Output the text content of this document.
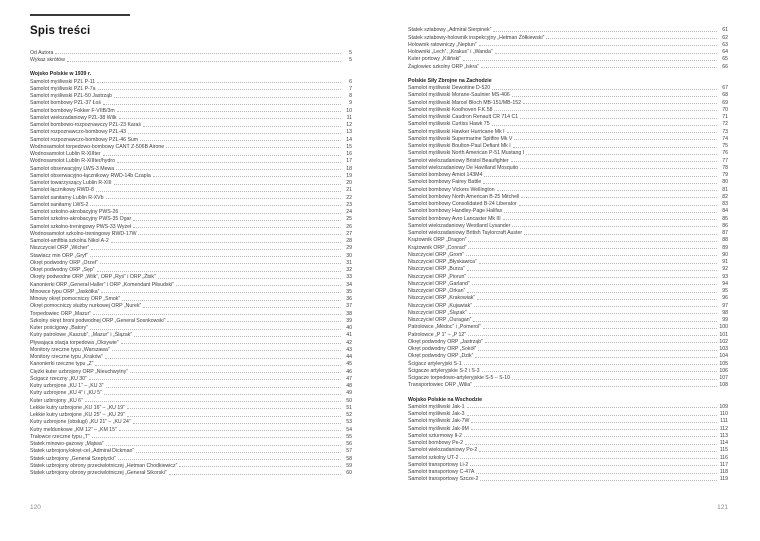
Spis treści
Od Autora	5
Wykaz skrótów	5
Wojsko Polskie w 1939 r.
Samolot myśliwski PZL P-11	6
Samolot myśliwski PZL P-7a	7
Samolot myśliwski PZL-50 Jastrząb	8
Samolot bombowy PZL-37 Łoś	9
Samolot bombowy Fokker F-VIIB/3m	10
Samolot wielozadaniowy PZL-38 Wilk	11
Samolot bombowo-rozpoznawczy PZL-23 Karaś	12
Samolot rozpoznawczo-bombowy PZL-43	13
Samolot rozpoznawczo-bombowy PZL-46 Sum	14
Wodnosamolot torpedowo-bombowy CANT Z-506B Airone	15
Wodnosamolot Lublin R-XIIIter	16
Wodnosamolot Lublin R-XIIIter/hydro	17
Samolot obserwacyjny LWS-3 Mewa	18
Samolot obserwacyjno-łącznikowy RWD-14b Czapla	19
Samolot towarzyszący Lublin R-XIII	20
Samolot łącznikowy RWD-8	21
Samolot sanitarny Lublin R-XVb	22
Samolot sanitarny LWS-2	23
Samolot szkolno-akrobacyjny PWS-26	24
Samolot szkolno-akrobacyjny PWS-35 Ogar	25
Samolot szkolno-treningowy PWS-33 Wyżeł	26
Wodnosamolot szkolno-treningowy RWD-17W	27
Samolot-amfibia szkolna Nikol A-2	28
Niszczyciel ORP „Wicher”	29
Stawiacz min ORP „Gryf”	30
Okręt podwodny ORP „Orzeł”	31
Okręt podwodny ORP „Sęp”	32
Okręty podwodne ORP „Wilk”, ORP „Ryś” i ORP „Żbik”	33
Kanonierki ORP „Generał Haller” i ORP „Komendant Piłsudski”	34
Minowce typu ORP „Jaskółka”	35
Minowy okręt pomocniczy ORP „Smok”	36
Okręt pomocniczy służby nurkowej ORP „Nurek”	37
Torpedowiec ORP „Mazur”	38
Szkolny okręt broni podwodnej ORP „Generał Sosnkowski”	39
Kuter pościgowy „Batory”	40
Kutry patrolowe „Kaszub”, „Mazur” i „Ślązak”	41
Pływająca stacja torpedowa „Oksywie”	42
Monitory rzeczne typu „Warszawa”	43
Monitory rzeczne typu „Kraków”	44
Kanonierki rzeczne typu „Z”	45
Ciężki kuter uzbrojony ORP „Nieuchwytny”	46
Ścigacz rzeczny „KU 30”	47
Kutry uzbrojone „KU 1” – „KU 3”	48
Kutry uzbrojone „KU 4” i „KU 5”	49
Kuter uzbrojony „KU 6”	50
Lekkie kutry uzbrojone „KU 16” – „KU 19”	51
Lekkie kutry uzbrojone „KU 25” – „KU 29”	52
Kutry uzbrojone (obsługi) „KU 21” – „KU 24”	53
Kutry meldunkowe „KM 12” – „KM 15”	54
Trałowce rzeczne typu „T”	55
Statek minowo-gazowy „Mątwa”	56
Statek uzbrojony/okręt-cel „Admirał Dickman”	57
Statek uzbrojony „Generał Szeptycki”	58
Statek uzbrojony obrony przeciwlotniczej „Hetman Chodkiewicz”	59
Statek uzbrojony obrony przeciwlotniczej „Generał Sikorski”	60
120
Statek sztabowy „Admirał Sierpinek”	61
Statek sztabowy-holownik inspekcyjny „Hetman Żółkiewski”	62
Holownik ratowniczy „Neptun”	63
Holowniki „Lech”, „Krakus” i „Wanda”	64
Kuter portowy „Kiliński”	65
Żaglowiec szkolny ORP „Iskra”	66
Polskie Siły Zbrojne na Zachodzie
Samolot myśliwski Dewoitine D-520	67
Samolot myśliwski Morane-Saulnier MS-406	68
Samolot myśliwski Marcel Bloch MB-151/MB-152	69
Samolot myśliwski Koolhoven F.K.58	70
Samolot myśliwski Caudron Renault CR 714 C1	71
Samolot myśliwski Curtiss Hawk 75	72
Samolot myśliwski Hawker Hurricane Mk I	73
Samolot myśliwski Supermarine Spitfire Mk V	74
Samolot myśliwski Boulton-Paul Defiant Mk I	75
Samolot myśliwski North American P-51 Mustang I	76
Samolot wielozadaniowy Bristol Beaufighter	77
Samolot wielozadaniowy De Havilland Mosquito	78
Samolot bombowy Amiot 143M4	79
Samolot bombowy Fairey Battle	80
Samolot bombowy Vickers Wellington	81
Samolot bombowy North American B-25 Mitchell	82
Samolot bombowy Consolidated B-24 Liberator	83
Samolot bombowy Handley-Page Halifax	84
Samolot bombowy Avro Lancaster Mk III	85
Samolot wielozadaniowy Westland Lysander	86
Samolot wielozadaniowy British Taylorcraft Auster	87
Krążownik ORP „Dragon”	88
Krążownik ORP „Conrad”	89
Niszczyciel ORP „Grom”	90
Niszczyciel ORP „Błyskawica”	91
Niszczyciel ORP „Burza”	92
Niszczyciel ORP „Piorun”	93
Niszczyciel ORP „Garland”	94
Niszczyciel ORP „Orkan”	95
Niszczyciel ORP „Krakowiak”	96
Niszczyciel ORP „Kujawiak”	97
Niszczyciel ORP „Ślązak”	98
Niszczyciel ORP „Ouragan”	99
Patrolowce „Médoc” i „Pomerol”	100
Patrolowce „P 1” – „P 12”	101
Okręt podwodny ORP „Jastrząb”	102
Okręt podwodny ORP „Sokół”	103
Okręt podwodny ORP „Dzik”	104
Ścigacz artyleryjski S-1	105
Ścigacze artyleryjskie S-2 i S-3	106
Ścigacze torpedowo-artyleryjskie S-5 – S-10	107
Transportowiec ORP „Wilia”	108
Wojsko Polskie na Wschodzie
Samolot myśliwski Jak-1	109
Samolot myśliwski Jak-3	110
Samolot myśliwski Jak-7W	111
Samolot myśliwski Jak-9M	112
Samolot szturmowy Ił-2	113
Samolot bombowy Pe-2	114
Samolot wielozadaniowy Po-2	115
Samolot szkolny UT-2	116
Samolot transportowy Li-2	117
Samolot transportowy C-47A	118
Samolot transportowy Szcze-2	119
121
